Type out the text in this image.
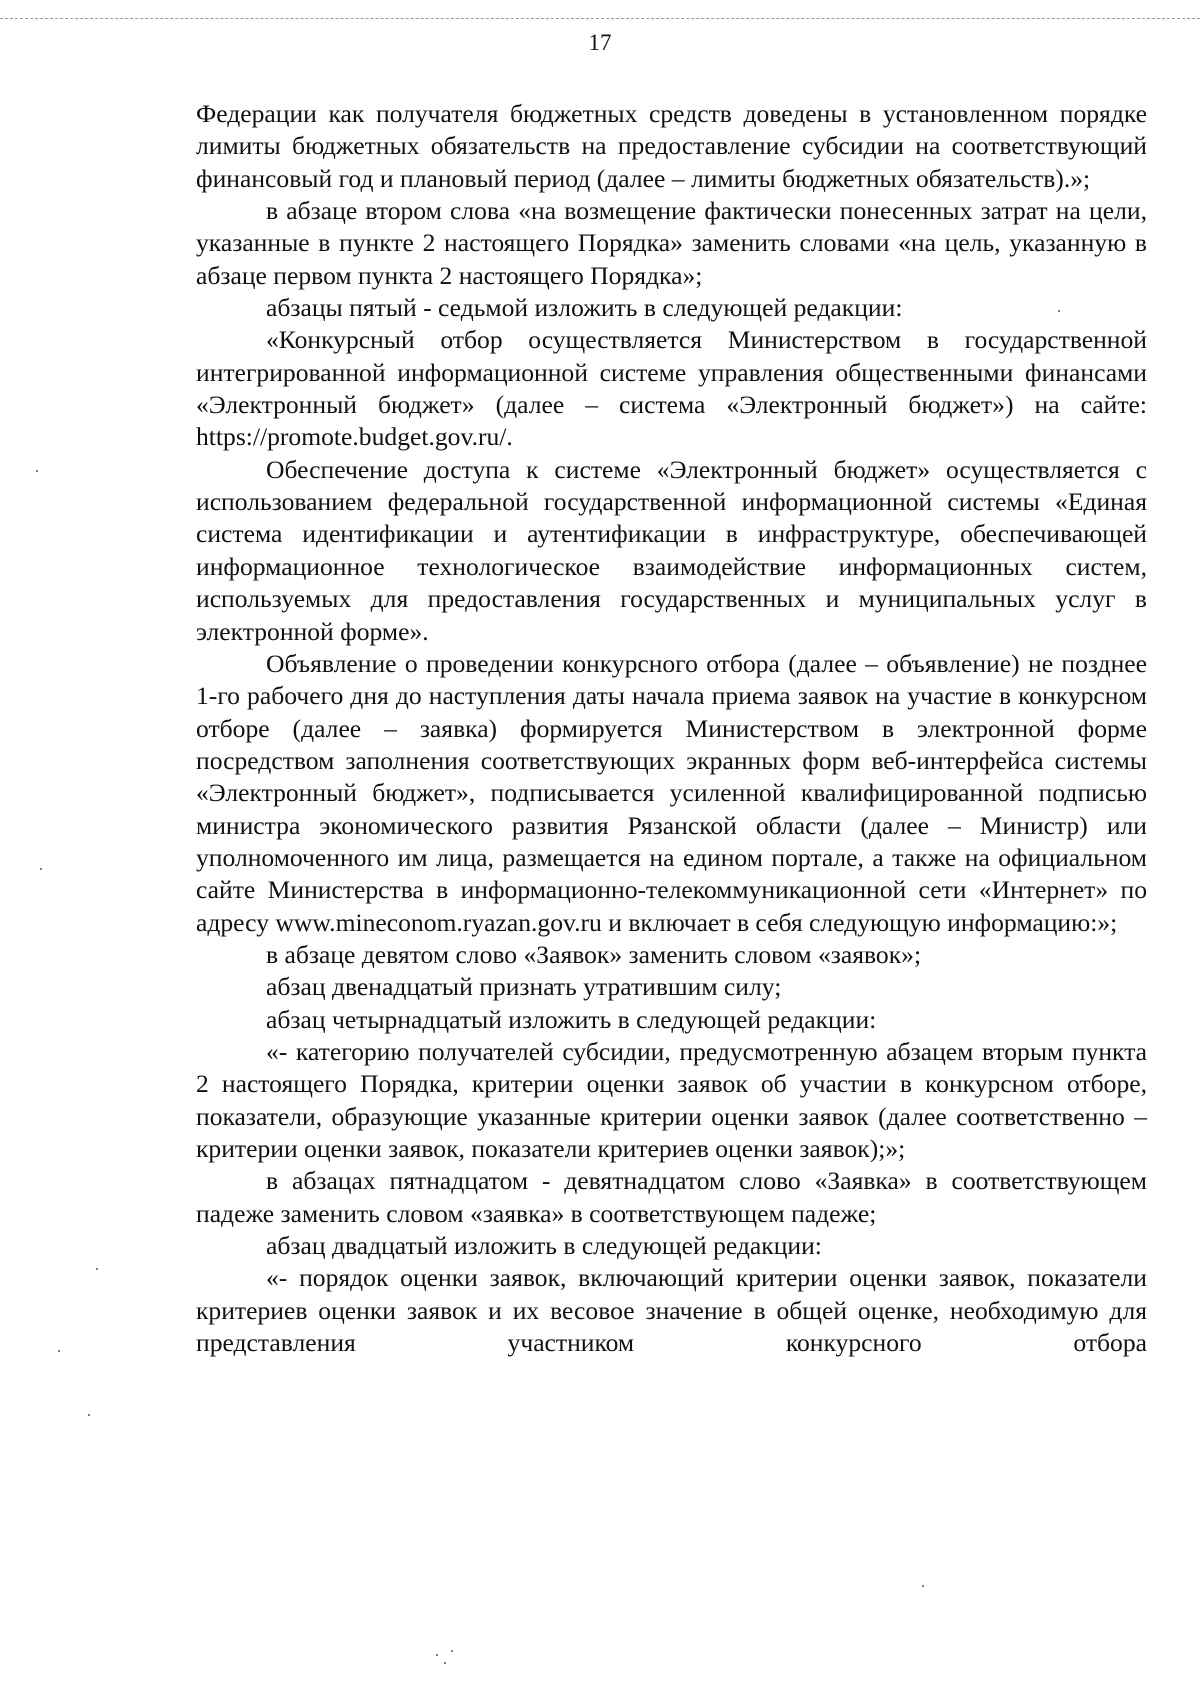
17

Федерации как получателя бюджетных средств доведены в установленном порядке лимиты бюджетных обязательств на предоставление субсидии на соответствующий финансовый год и плановый период (далее – лимиты бюджетных обязательств).»;

в абзаце втором слова «на возмещение фактически понесенных затрат на цели, указанные в пункте 2 настоящего Порядка» заменить словами «на цель, указанную в абзаце первом пункта 2 настоящего Порядка»;

абзацы пятый - седьмой изложить в следующей редакции:

«Конкурсный отбор осуществляется Министерством в государственной интегрированной информационной системе управления общественными финансами «Электронный бюджет» (далее – система «Электронный бюджет») на сайте: https://promote.budget.gov.ru/.

Обеспечение доступа к системе «Электронный бюджет» осуществляется с использованием федеральной государственной информационной системы «Единая система идентификации и аутентификации в инфраструктуре, обеспечивающей информационное технологическое взаимодействие информационных систем, используемых для предоставления государственных и муниципальных услуг в электронной форме».

Объявление о проведении конкурсного отбора (далее – объявление) не позднее 1-го рабочего дня до наступления даты начала приема заявок на участие в конкурсном отборе (далее – заявка) формируется Министерством в электронной форме посредством заполнения соответствующих экранных форм веб-интерфейса системы «Электронный бюджет», подписывается усиленной квалифицированной подписью министра экономического развития Рязанской области (далее – Министр) или уполномоченного им лица, размещается на едином портале, а также на официальном сайте Министерства в информационно-телекоммуникационной сети «Интернет» по адресу www.mineconom.ryazan.gov.ru и включает в себя следующую информацию:»;

в абзаце девятом слово «Заявок» заменить словом «заявок»;

абзац двенадцатый признать утратившим силу;

абзац четырнадцатый изложить в следующей редакции:

«- категорию получателей субсидии, предусмотренную абзацем вторым пункта 2 настоящего Порядка, критерии оценки заявок об участии в конкурсном отборе, показатели, образующие указанные критерии оценки заявок (далее соответственно – критерии оценки заявок, показатели критериев оценки заявок);»;

в абзацах пятнадцатом - девятнадцатом слово «Заявка» в соответствующем падеже заменить словом «заявка» в соответствующем падеже;

абзац двадцатый изложить в следующей редакции:

«- порядок оценки заявок, включающий критерии оценки заявок, показатели критериев оценки заявок и их весовое значение в общей оценке, необходимую для представления участником конкурсного отбора
